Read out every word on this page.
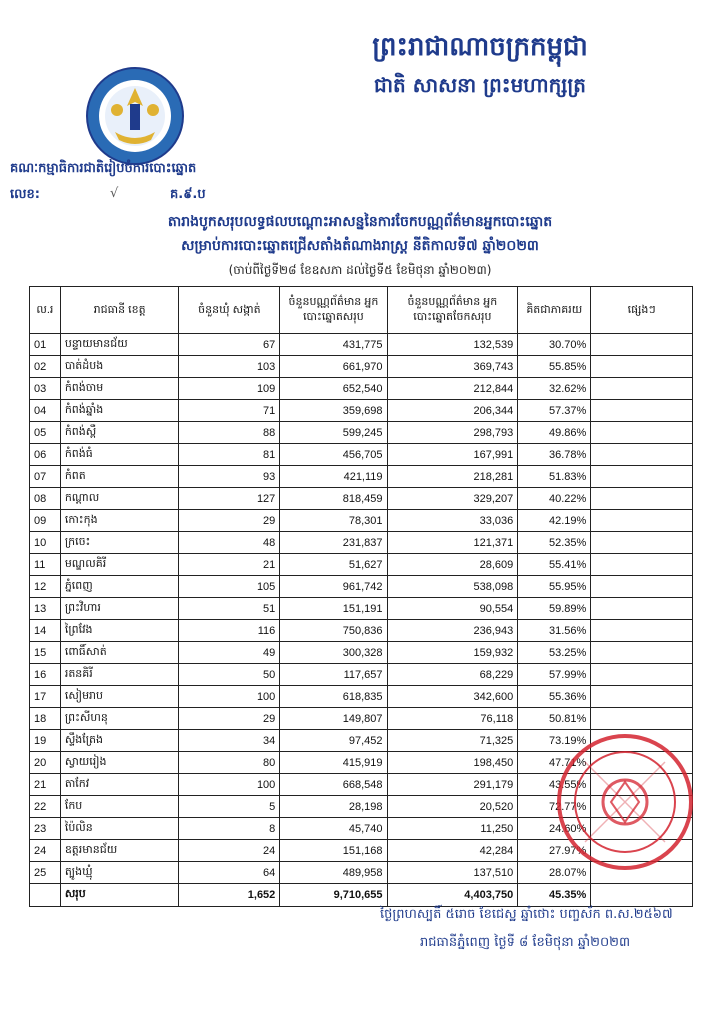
ព្រះរាជាណាចក្រកម្ពុជា
ជាតិ សាសនា ព្រះមហាក្សត្រ
គណៈកម្មាធិការជាតិរៀបចំការបោះឆ្នោត
លេខ:	√	គ.៩.ប
តារាងបូកសរុបលទ្ធផលបណ្តោះអាសន្ននៃការចែកបណ្ណព័ត៌មានអ្នកបោះឆ្នោត
សម្រាប់ការបោះឆ្នោតជ្រើសតាំងតំណាងរាស្ត្រ នីតិកាលទី៧ ឆ្នាំ២០២៣
(ចាប់ពីថ្ងៃទី២៨ ខែឧសភា ដល់ថ្ងៃទី៥ ខែមិថុនា ឆ្នាំ២០២៣)
ល.រ	រាជធានី ខេត្ត	ចំនួនឃុំ សង្កាត់	ចំនួនបណ្ណព័ត៌មាន អ្នកបោះឆ្នោតសរុប	ចំនួនបណ្ណព័ត៌មាន អ្នកបោះឆ្នោតចែកសរុប	គិតជាភាគរយ	ផ្សេងៗ
01	បន្ទាយមានជ័យ	67	431,775	132,539	30.70%	
02	បាត់ដំបង	103	661,970	369,743	55.85%	
03	កំពង់ចាម	109	652,540	212,844	32.62%	
04	កំពង់ឆ្នាំង	71	359,698	206,344	57.37%	
05	កំពង់ស្ពឺ	88	599,245	298,793	49.86%	
06	កំពង់ធំ	81	456,705	167,991	36.78%	
07	កំពត	93	421,119	218,281	51.83%	
08	កណ្តាល	127	818,459	329,207	40.22%	
09	កោះកុង	29	78,301	33,036	42.19%	
10	ក្រចេះ	48	231,837	121,371	52.35%	
11	មណ្ឌលគិរី	21	51,627	28,609	55.41%	
12	ភ្នំពេញ	105	961,742	538,098	55.95%	
13	ព្រះវិហារ	51	151,191	90,554	59.89%	
14	ព្រៃវែង	116	750,836	236,943	31.56%	
15	ពោធិ៍សាត់	49	300,328	159,932	53.25%	
16	រតនគិរី	50	117,657	68,229	57.99%	
17	សៀមរាប	100	618,835	342,600	55.36%	
18	ព្រះសីហនុ	29	149,807	76,118	50.81%	
19	ស្ទឹងត្រែង	34	97,452	71,325	73.19%	
20	ស្វាយរៀង	80	415,919	198,450	47.71%	
21	តាកែវ	100	668,548	291,179	43.55%	
22	កែប	5	28,198	20,520	72.77%	
23	ប៉ៃលិន	8	45,740	11,250	24.60%	
24	ឧត្តរមានជ័យ	24	151,168	42,284	27.97%	
25	ត្បូងឃ្មុំ	64	489,958	137,510	28.07%	
	សរុប	1,652	9,710,655	4,403,750	45.35%	
ថ្ងៃព្រហស្បតិ៍ ៥រោច ខែជេស្ឋ ឆ្នាំថោះ បញ្ចស័ក ព.ស.២៥៦៧
រាជធានីភ្នំពេញ ថ្ងៃទី ៨ ខែមិថុនា ឆ្នាំ២០២៣
